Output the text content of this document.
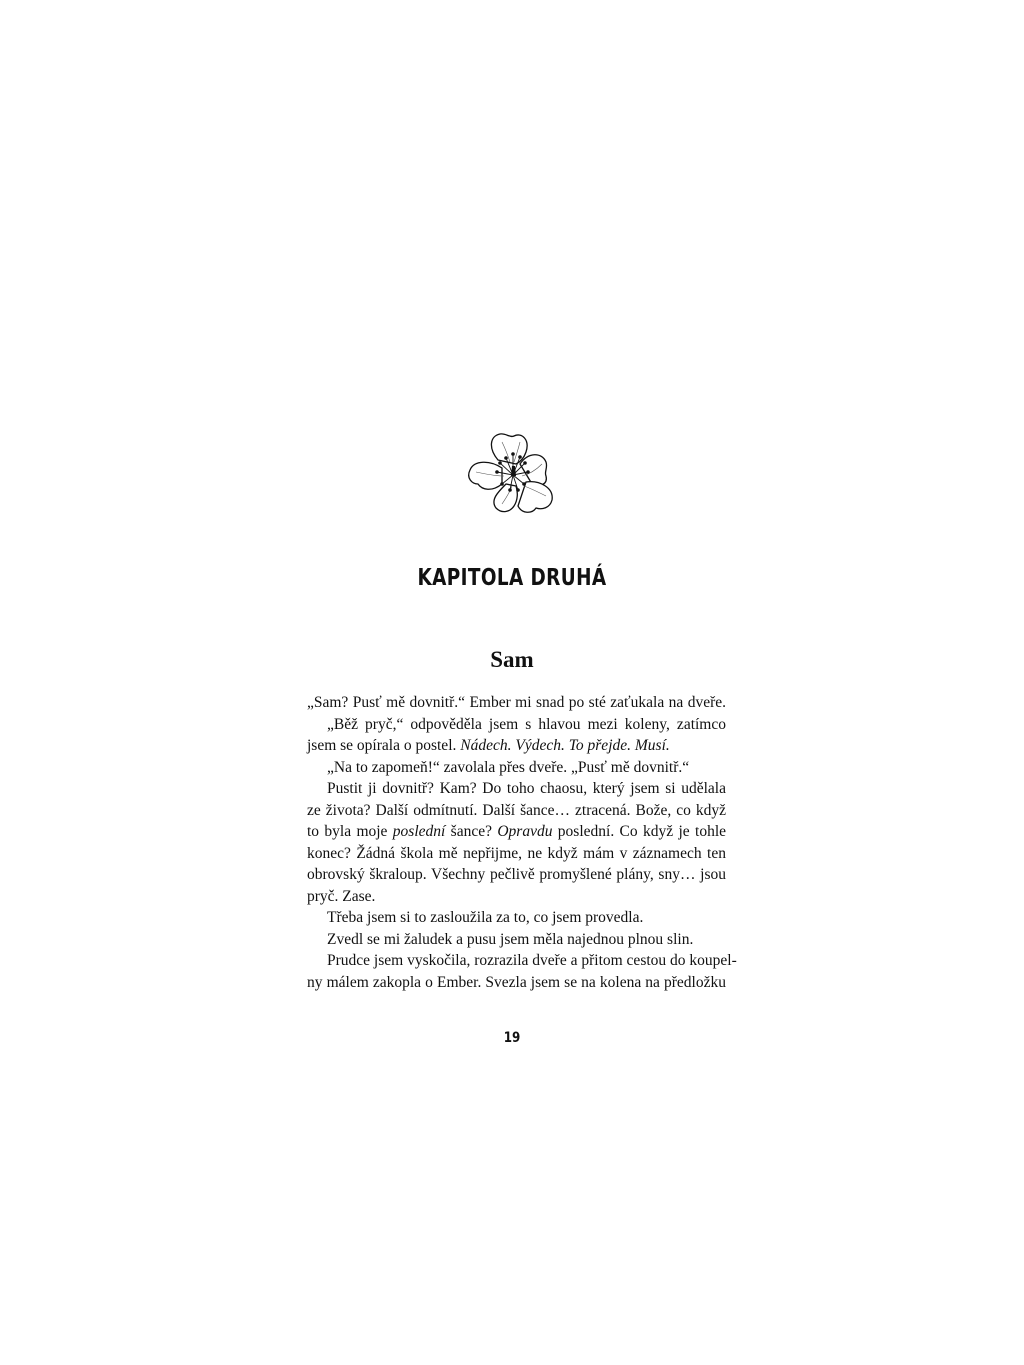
KAPITOLA DRUHÁ
Sam
„Sam? Pusť mě dovnitř.“ Ember mi snad po sté zaťukala na dveře.
„Běž pryč,“ odpověděla jsem s hlavou mezi koleny, zatímco
jsem se opírala o postel. Nádech. Výdech. To přejde. Musí.
„Na to zapomeň!“ zavolala přes dveře. „Pusť mě dovnitř.“
Pustit ji dovnitř? Kam? Do toho chaosu, který jsem si udělala
ze života? Další odmítnutí. Další šance… ztracená. Bože, co když
to byla moje poslední šance? Opravdu poslední. Co když je tohle
konec? Žádná škola mě nepřijme, ne když mám v záznamech ten
obrovský škraloup. Všechny pečlivě promyšlené plány, sny… jsou
pryč. Zase.
Třeba jsem si to zasloužila za to, co jsem provedla.
Zvedl se mi žaludek a pusu jsem měla najednou plnou slin.
Prudce jsem vyskočila, rozrazila dveře a přitom cestou do koupel-
ny málem zakopla o Ember. Svezla jsem se na kolena na předložku
19
